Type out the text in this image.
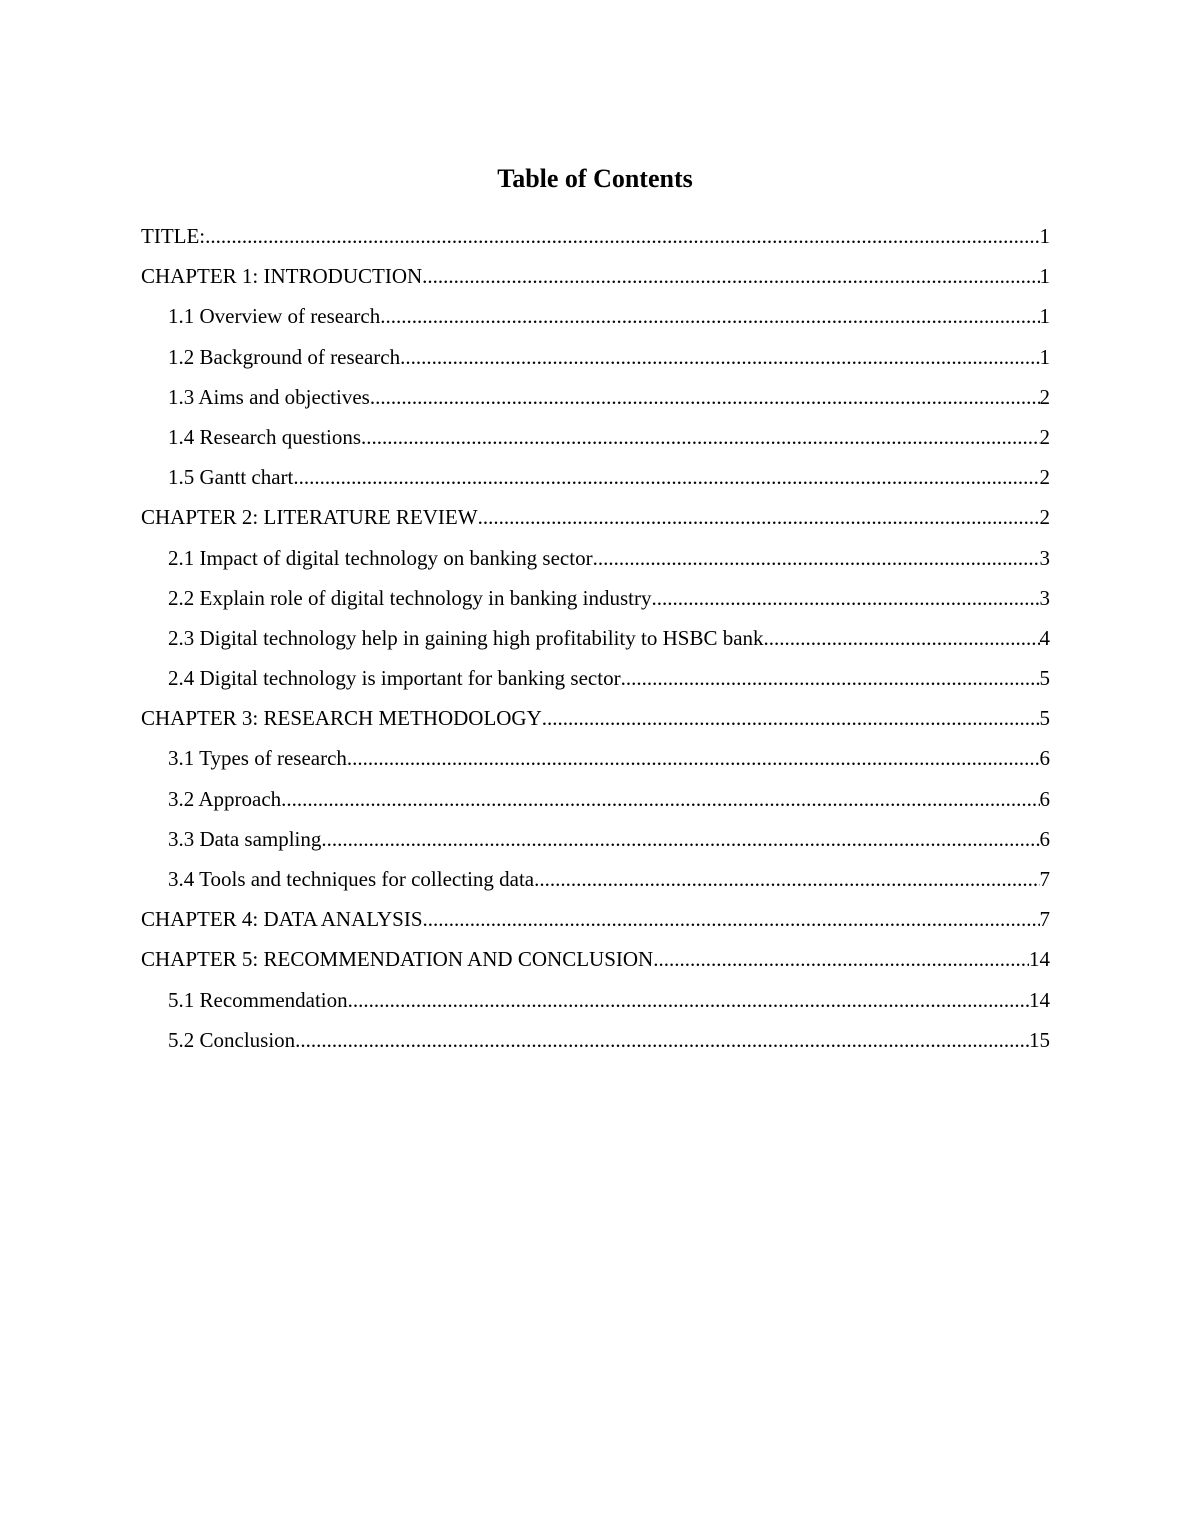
Table of Contents
TITLE: .....	1
CHAPTER 1: INTRODUCTION .....	1
1.1 Overview of research .....	1
1.2 Background of research .....	1
1.3 Aims and objectives .....	2
1.4 Research questions .....	2
1.5 Gantt chart .....	2
CHAPTER 2: LITERATURE REVIEW .....	2
2.1 Impact of digital technology on banking sector .....	3
2.2 Explain role of digital technology in banking industry .....	3
2.3 Digital technology help in gaining high profitability to HSBC bank .....	4
2.4 Digital technology is important for banking sector .....	5
CHAPTER 3: RESEARCH METHODOLOGY .....	5
3.1 Types of research .....	6
3.2 Approach .....	6
3.3 Data sampling .....	6
3.4 Tools and techniques for collecting data .....	7
CHAPTER 4: DATA ANALYSIS .....	7
CHAPTER 5: RECOMMENDATION AND CONCLUSION .....	14
5.1 Recommendation .....	14
5.2 Conclusion .....	15
